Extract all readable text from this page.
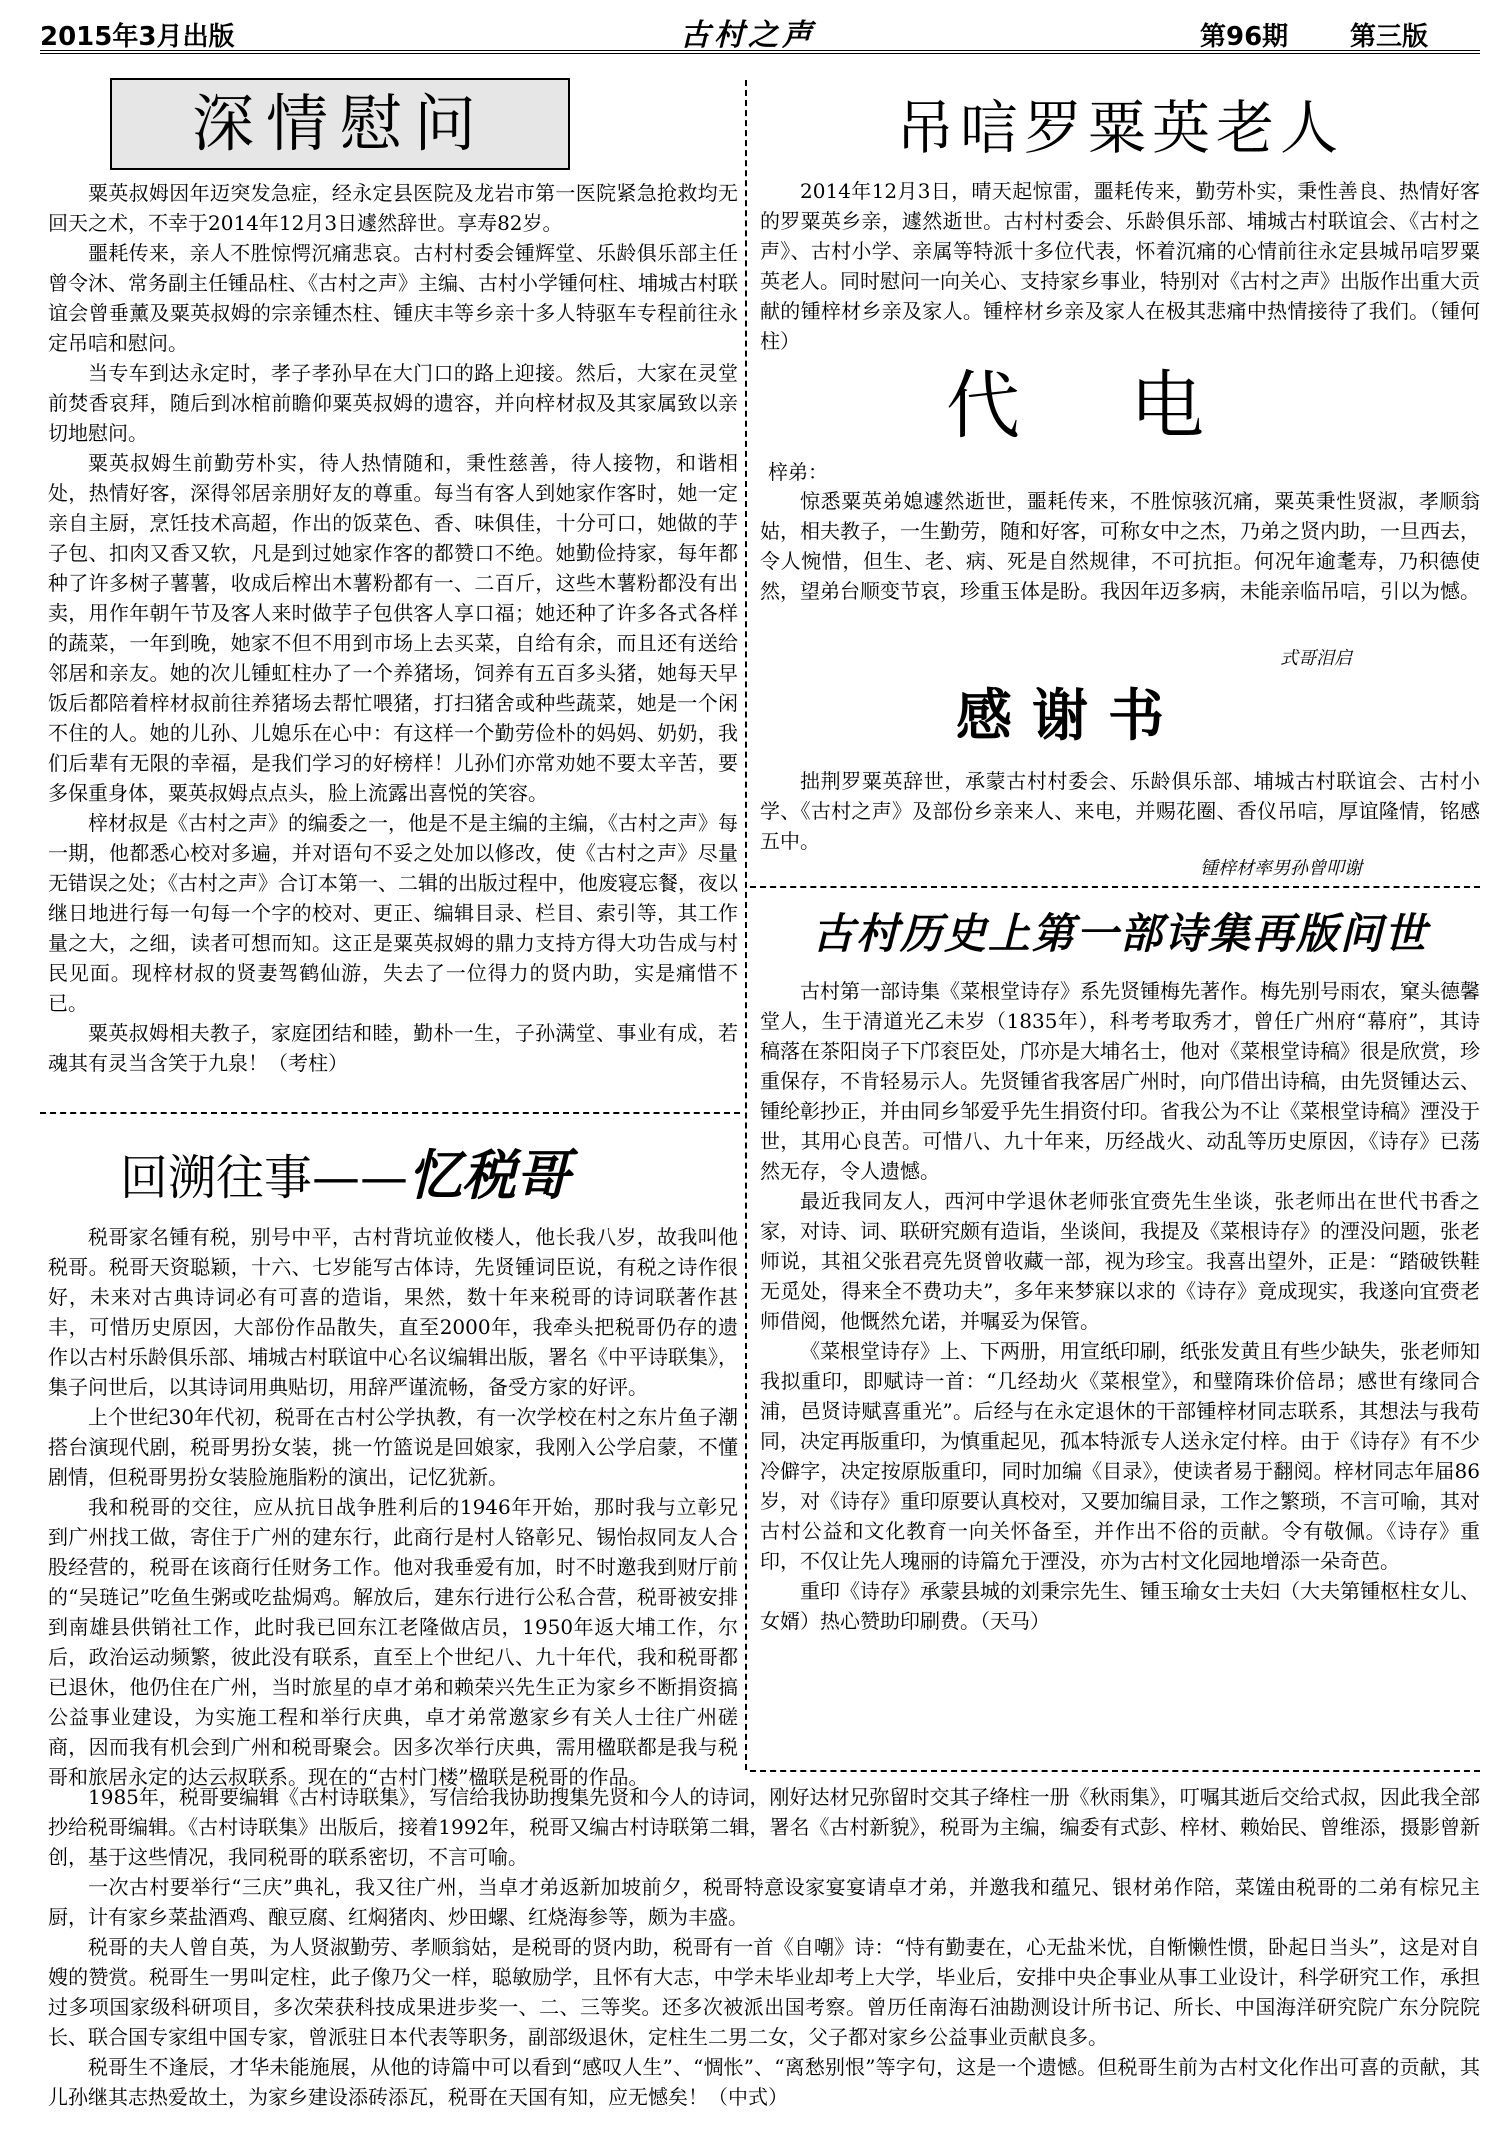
2015年3月出版	古村之声	第96期 第三版
深情慰问

粟英叔姆因年迈突发急症，经永定县医院及龙岩市第一医院紧急抢救均无回天之术，不幸于2014年12月3日遽然辞世。享寿82岁。

噩耗传来，亲人不胜惊愕沉痛悲哀。古村村委会锺辉堂、乐龄俱乐部主任曾令沐、常务副主任锺品柱、《古村之声》主编、古村小学锺何柱、埔城古村联谊会曾垂薰及粟英叔姆的宗亲锺杰柱、锺庆丰等乡亲十多人特驱车专程前往永定吊唁和慰问。

当专车到达永定时，孝子孝孙早在大门口的路上迎接。然后，大家在灵堂前焚香哀拜，随后到冰棺前瞻仰粟英叔姆的遗容，并向梓材叔及其家属致以亲切地慰问。

粟英叔姆生前勤劳朴实，待人热情随和，秉性慈善，待人接物，和谐相处，热情好客，深得邻居亲朋好友的尊重。每当有客人到她家作客时，她一定亲自主厨，烹饪技术高超，作出的饭菜色、香、味俱佳，十分可口，她做的芋子包、扣肉又香又软，凡是到过她家作客的都赞口不绝。她勤俭持家，每年都种了许多树子薯薯，收成后榨出木薯粉都有一、二百斤，这些木薯粉都没有出卖，用作年朝午节及客人来时做芋子包供客人享口福；她还种了许多各式各样的蔬菜，一年到晚，她家不但不用到市场上去买菜，自给有余，而且还有送给邻居和亲友。她的次儿锺虹柱办了一个养猪场，饲养有五百多头猪，她每天早饭后都陪着梓材叔前往养猪场去帮忙喂猪，打扫猪舍或种些蔬菜，她是一个闲不住的人。她的儿孙、儿媳乐在心中：有这样一个勤劳俭朴的妈妈、奶奶，我们后辈有无限的幸福，是我们学习的好榜样！儿孙们亦常劝她不要太辛苦，要多保重身体，粟英叔姆点点头，脸上流露出喜悦的笑容。

梓材叔是《古村之声》的编委之一，他是不是主编的主编，《古村之声》每一期，他都悉心校对多遍，并对语句不妥之处加以修改，使《古村之声》尽量无错误之处；《古村之声》合订本第一、二辑的出版过程中，他废寝忘餐，夜以继日地进行每一句每一个字的校对、更正、编辑目录、栏目、索引等，其工作量之大，之细，读者可想而知。这正是粟英叔姆的鼎力支持方得大功告成与村民见面。现梓材叔的贤妻驾鹤仙游，失去了一位得力的贤内助，实是痛惜不已。

粟英叔姆相夫教子，家庭团结和睦，勤朴一生，子孙满堂、事业有成，若魂其有灵当含笑于九泉！（考柱）

回溯往事——忆税哥

税哥家名锺有税，别号中平，古村背坑並攸楼人，他长我八岁，故我叫他税哥。税哥天资聪颖，十六、七岁能写古体诗，先贤锺词臣说，有税之诗作很好，未来对古典诗词必有可喜的造诣，果然，数十年来税哥的诗词联著作甚丰，可惜历史原因，大部份作品散失，直至2000年，我牵头把税哥仍存的遗作以古村乐龄俱乐部、埔城古村联谊中心名议编辑出版，署名《中平诗联集》，集子问世后，以其诗词用典贴切，用辞严谨流畅，备受方家的好评。

上个世纪30年代初，税哥在古村公学执教，有一次学校在村之东片鱼子潮搭台演现代剧，税哥男扮女装，挑一竹篮说是回娘家，我刚入公学启蒙，不懂剧情，但税哥男扮女装脸施脂粉的演出，记忆犹新。

我和税哥的交往，应从抗日战争胜利后的1946年开始，那时我与立彰兄到广州找工做，寄住于广州的建东行，此商行是村人铬彰兄、锡怡叔同友人合股经营的，税哥在该商行任财务工作。他对我垂爱有加，时不时邀我到财厅前的“吴琏记”吃鱼生粥或吃盐焗鸡。解放后，建东行进行公私合营，税哥被安排到南雄县供销社工作，此时我已回东江老隆做店员，1950年返大埔工作，尔后，政治运动频繁，彼此没有联系，直至上个世纪八、九十年代，我和税哥都已退休，他仍住在广州，当时旅星的卓才弟和赖荣兴先生正为家乡不断捐资搞公益事业建设，为实施工程和举行庆典，卓才弟常邀家乡有关人士往广州磋商，因而我有机会到广州和税哥聚会。因多次举行庆典，需用楹联都是我与税哥和旅居永定的达云叔联系。现在的“古村门楼”楹联是税哥的作品。

1985年，税哥要编辑《古村诗联集》，写信给我协助搜集先贤和今人的诗词，刚好达材兄弥留时交其子绛柱一册《秋雨集》，叮嘱其逝后交给式叔，因此我全部抄给税哥编辑。《古村诗联集》出版后，接着1992年，税哥又编古村诗联第二辑，署名《古村新貌》，税哥为主编，编委有式彭、梓材、赖始民、曾维添，摄影曾新创，基于这些情况，我同税哥的联系密切，不言可喻。

一次古村要举行“三庆”典礼，我又往广州，当卓才弟返新加坡前夕，税哥特意设家宴宴请卓才弟，并邀我和蕴兄、银材弟作陪，菜馐由税哥的二弟有棕兄主厨，计有家乡菜盐酒鸡、酿豆腐、红焖猪肉、炒田螺、红烧海参等，颇为丰盛。

税哥的夫人曾自英，为人贤淑勤劳、孝顺翁姑，是税哥的贤内助，税哥有一首《自嘲》诗：“恃有勤妻在，心无盐米忧，自惭懒性惯，卧起日当头”，这是对自嫂的赞赏。税哥生一男叫定柱，此子像乃父一样，聪敏励学，且怀有大志，中学未毕业却考上大学，毕业后，安排中央企事业从事工业设计，科学研究工作，承担过多项国家级科研项目，多次荣获科技成果进步奖一、二、三等奖。还多次被派出国考察。曾历任南海石油勘测设计所书记、所长、中国海洋研究院广东分院院长、联合国专家组中国专家，曾派驻日本代表等职务，副部级退休，定柱生二男二女，父子都对家乡公益事业贡献良多。

税哥生不逢辰，才华未能施展，从他的诗篇中可以看到“感叹人生”、“惆怅”、“离愁别恨”等字句，这是一个遗憾。但税哥生前为古村文化作出可喜的贡献，其儿孙继其志热爱故土，为家乡建设添砖添瓦，税哥在天国有知，应无憾矣！（中式）

吊唁罗粟英老人

2014年12月3日，晴天起惊雷，噩耗传来，勤劳朴实，秉性善良、热情好客的罗粟英乡亲，遽然逝世。古村村委会、乐龄俱乐部、埔城古村联谊会、《古村之声》、古村小学、亲属等特派十多位代表，怀着沉痛的心情前往永定县城吊唁罗粟英老人。同时慰问一向关心、支持家乡事业，特别对《古村之声》出版作出重大贡献的锺梓材乡亲及家人。锺梓材乡亲及家人在极其悲痛中热情接待了我们。（锺何柱）

代电
梓弟：

惊悉粟英弟媳遽然逝世，噩耗传来，不胜惊骇沉痛，粟英秉性贤淑，孝顺翁姑，相夫教子，一生勤劳，随和好客，可称女中之杰，乃弟之贤内助，一旦西去，令人惋惜，但生、老、病、死是自然规律，不可抗拒。何况年逾耄寿，乃积德使然，望弟台顺变节哀，珍重玉体是盼。我因年迈多病，未能亲临吊唁，引以为憾。

式哥泪启
感谢书

拙荆罗粟英辞世，承蒙古村村委会、乐龄俱乐部、埔城古村联谊会、古村小学、《古村之声》及部份乡亲来人、来电，并赐花圈、香仪吊唁，厚谊隆情，铭感五中。

锺梓材率男孙曾叩谢
古村历史上第一部诗集再版问世

古村第一部诗集《菜根堂诗存》系先贤锺梅先著作。梅先别号雨农，窠头德馨堂人，生于清道光乙未岁（1835年），科考考取秀才，曾任广州府“幕府”，其诗稿落在茶阳岗子下邝衮臣处，邝亦是大埔名士，他对《菜根堂诗稿》很是欣赏，珍重保存，不肯轻易示人。先贤锺省我客居广州时，向邝借出诗稿，由先贤锺达云、锺纶彰抄正，并由同乡邹爱乎先生捐资付印。省我公为不让《菜根堂诗稿》湮没于世，其用心良苦。可惜八、九十年来，历经战火、动乱等历史原因，《诗存》已荡然无存，令人遗憾。

最近我同友人，西河中学退休老师张宜赍先生坐谈，张老师出在世代书香之家，对诗、词、联研究颇有造诣，坐谈间，我提及《菜根诗存》的湮没问题，张老师说，其祖父张君亮先贤曾收藏一部，视为珍宝。我喜出望外，正是：“踏破铁鞋无觅处，得来全不费功夫”，多年来梦寐以求的《诗存》竟成现实，我遂向宜赍老师借阅，他慨然允诺，并嘱妥为保管。

《菜根堂诗存》上、下两册，用宣纸印刷，纸张发黄且有些少缺失，张老师知我拟重印，即赋诗一首：“几经劫火《菜根堂》，和璧隋珠价倍昂；感世有缘同合浦，邑贤诗赋喜重光”。后经与在永定退休的干部锺梓材同志联系，其想法与我苟同，决定再版重印，为慎重起见，孤本特派专人送永定付梓。由于《诗存》有不少冷僻字，决定按原版重印，同时加编《目录》，使读者易于翻阅。梓材同志年届86岁，对《诗存》重印原要认真校对，又要加编目录，工作之繁琐，不言可喻，其对古村公益和文化教育一向关怀备至，并作出不俗的贡献。令有敬佩。《诗存》重印，不仅让先人瑰丽的诗篇允于湮没，亦为古村文化园地增添一朵奇芭。

重印《诗存》承蒙县城的刘秉宗先生、锺玉瑜女士夫妇（大夫第锺枢柱女儿、女婿）热心赞助印刷费。（天马）
